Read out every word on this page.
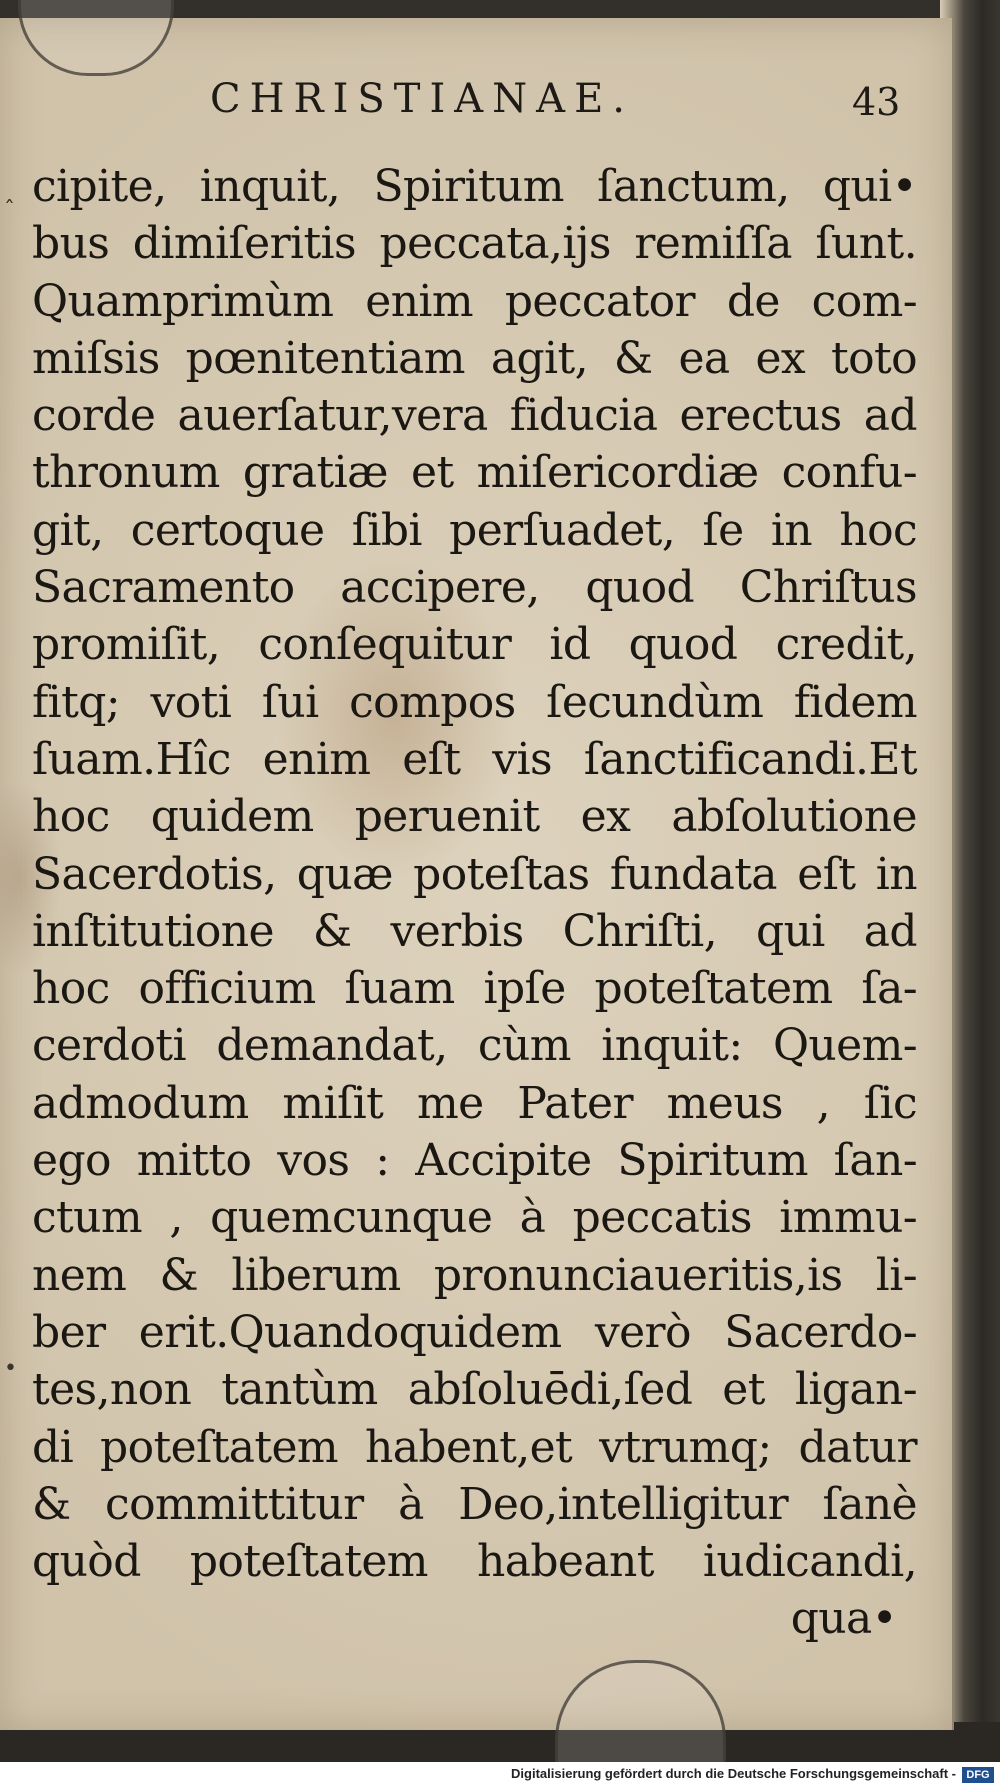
CHRISTIANAE.	43
cipite, inquit, Spiritum ſanctum, qui•
bus dimiſeritis peccata,ijs remiſſa ſunt.
Quamprimùm enim peccator de com-
miſsis pœnitentiam agit, & ea ex toto
corde auerſatur,vera fiducia erectus ad
thronum gratiæ et miſericordiæ confu-
git, certoque ſibi perſuadet, ſe in hoc
Sacramento accipere, quod Chriſtus
promiſit, conſequitur id quod credit,
fitq; voti ſui compos ſecundùm fidem
ſuam.Hîc enim eſt vis ſanctificandi.Et
hoc quidem peruenit ex abſolutione
Sacerdotis, quæ poteſtas fundata eſt in
inſtitutione & verbis Chriſti, qui ad
hoc officium ſuam ipſe poteſtatem ſa-
cerdoti demandat, cùm inquit: Quem-
admodum miſit me Pater meus , ſic
ego mitto vos : Accipite Spiritum ſan-
ctum , quemcunque à peccatis immu-
nem & liberum pronunciaueritis,is li-
ber erit.Quandoquidem verò Sacerdo-
tes,non tantùm abſoluēdi,ſed et ligan-
di poteſtatem habent,et vtrumq; datur
& committitur à Deo,intelligitur ſanè
quòd poteſtatem habeant iudicandi,
qua•
ˆ
•
Digitalisierung gefördert durch die Deutsche Forschungsgemeinschaft - DFG
